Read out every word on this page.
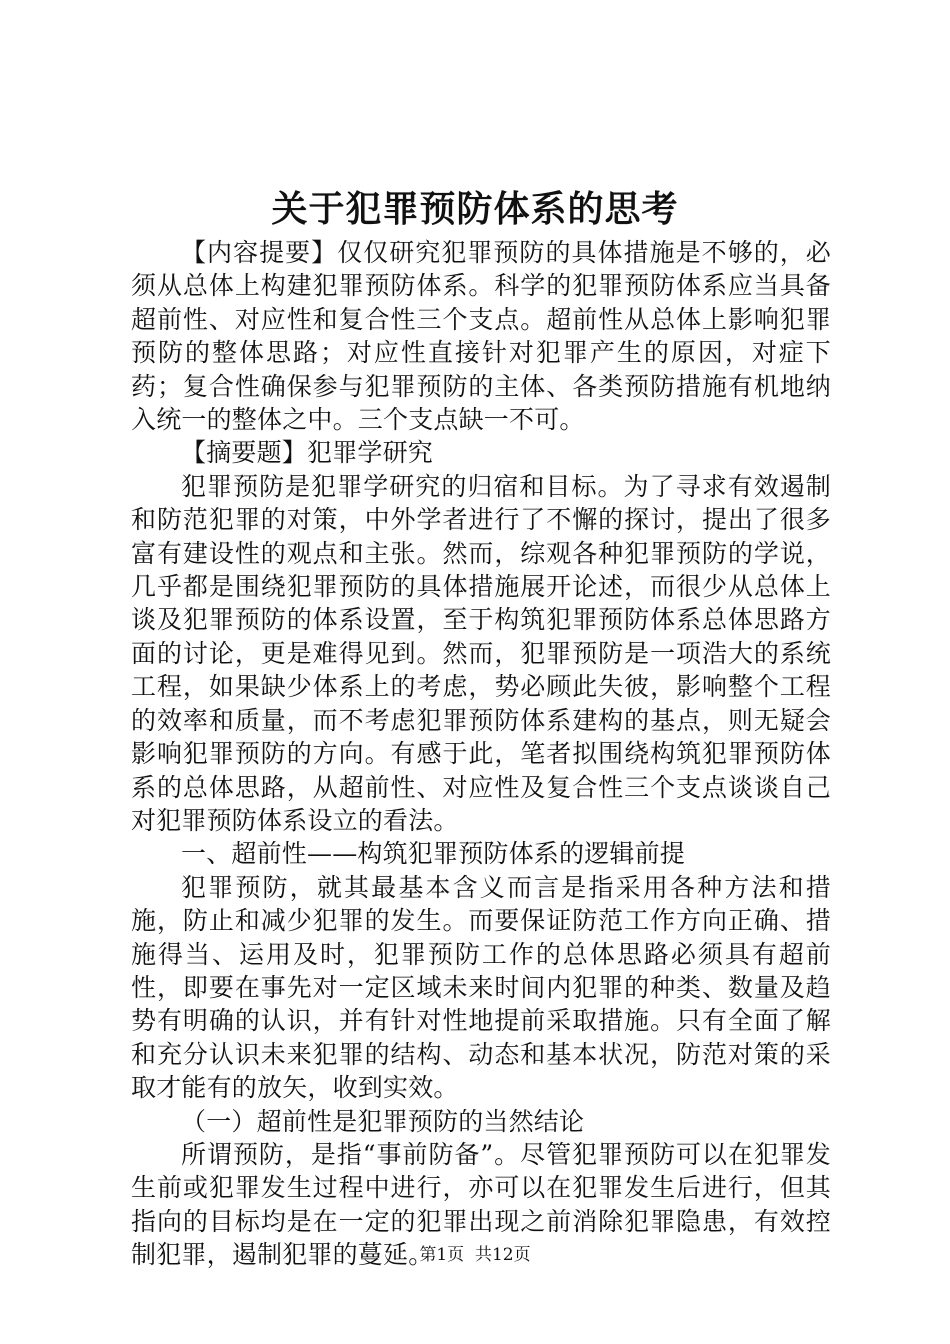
关于犯罪预防体系的思考

【内容提要】仅仅研究犯罪预防的具体措施是不够的，必须从总体上构建犯罪预防体系。科学的犯罪预防体系应当具备超前性、对应性和复合性三个支点。超前性从总体上影响犯罪预防的整体思路；对应性直接针对犯罪产生的原因，对症下药；复合性确保参与犯罪预防的主体、各类预防措施有机地纳入统一的整体之中。三个支点缺一不可。

【摘要题】犯罪学研究

犯罪预防是犯罪学研究的归宿和目标。为了寻求有效遏制和防范犯罪的对策，中外学者进行了不懈的探讨，提出了很多富有建设性的观点和主张。然而，综观各种犯罪预防的学说，几乎都是围绕犯罪预防的具体措施展开论述，而很少从总体上谈及犯罪预防的体系设置，至于构筑犯罪预防体系总体思路方面的讨论，更是难得见到。然而，犯罪预防是一项浩大的系统工程，如果缺少体系上的考虑，势必顾此失彼，影响整个工程的效率和质量，而不考虑犯罪预防体系建构的基点，则无疑会影响犯罪预防的方向。有感于此，笔者拟围绕构筑犯罪预防体系的总体思路，从超前性、对应性及复合性三个支点谈谈自己对犯罪预防体系设立的看法。

一、超前性——构筑犯罪预防体系的逻辑前提

犯罪预防，就其最基本含义而言是指采用各种方法和措施，防止和减少犯罪的发生。而要保证防范工作方向正确、措施得当、运用及时，犯罪预防工作的总体思路必须具有超前性，即要在事先对一定区域未来时间内犯罪的种类、数量及趋势有明确的认识，并有针对性地提前采取措施。只有全面了解和充分认识未来犯罪的结构、动态和基本状况，防范对策的采取才能有的放矢，收到实效。

（一）超前性是犯罪预防的当然结论

所谓预防，是指“事前防备”。尽管犯罪预防可以在犯罪发生前或犯罪发生过程中进行，亦可以在犯罪发生后进行，但其指向的目标均是在一定的犯罪出现之前消除犯罪隐患，有效控制犯罪，遏制犯罪的蔓延。

第1页  共12页
